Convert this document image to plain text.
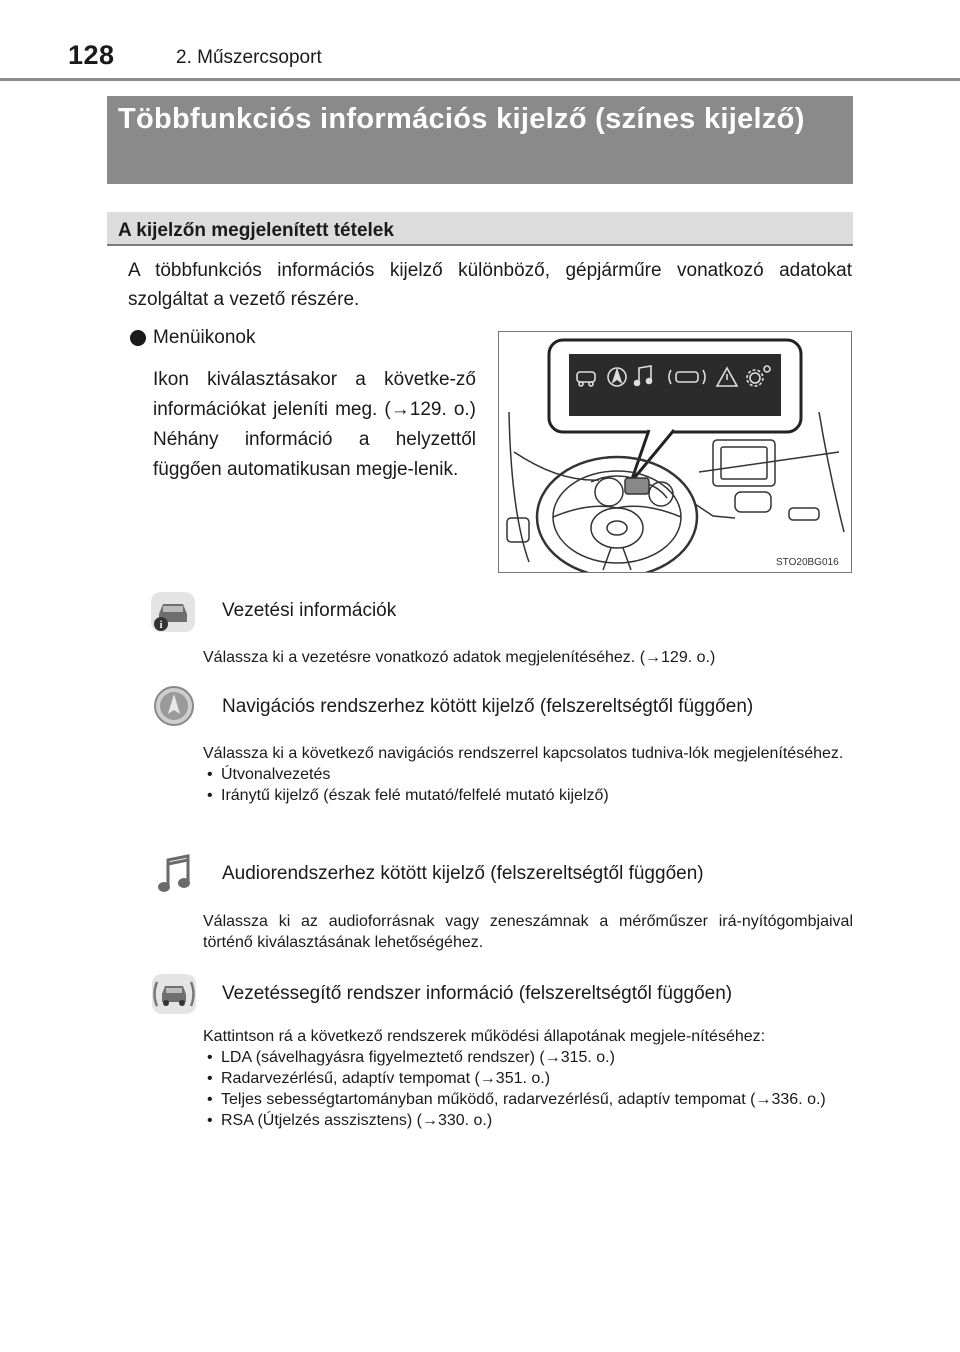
128	2. Műszercsoport
Többfunkciós információs kijelző (színes kijelző)
A kijelzőn megjelenített tételek
A többfunkciós információs kijelző különböző, gépjárműre vonatkozó adatokat szolgáltat a vezető részére.
Menüikonok
Ikon kiválasztásakor a követke-ző információkat jeleníti meg. (→129. o.) Néhány információ a helyzettől függően automatikusan megje-lenik.
STO20BG016
i
Vezetési információk
Válassza ki a vezetésre vonatkozó adatok megjelenítéséhez. (→129. o.)
Navigációs rendszerhez kötött kijelző (felszereltségtől függően)
Válassza ki a következő navigációs rendszerrel kapcsolatos tudniva-lók megjelenítéséhez.
• Útvonalvezetés
• Iránytű kijelző (észak felé mutató/felfelé mutató kijelző)
Audiorendszerhez kötött kijelző (felszereltségtől függően)
Válassza ki az audioforrásnak vagy zeneszámnak a mérőműszer irá-nyítógombjaival történő kiválasztásának lehetőségéhez.
Vezetéssegítő rendszer információ (felszereltségtől függően)
Kattintson rá a következő rendszerek működési állapotának megjele-nítéséhez:
• LDA (sávelhagyásra figyelmeztető rendszer) (→315. o.)
• Radarvezérlésű, adaptív tempomat (→351. o.)
• Teljes sebességtartományban működő, radarvezérlésű, adaptív tempomat (→336. o.)
• RSA (Útjelzés asszisztens) (→330. o.)
